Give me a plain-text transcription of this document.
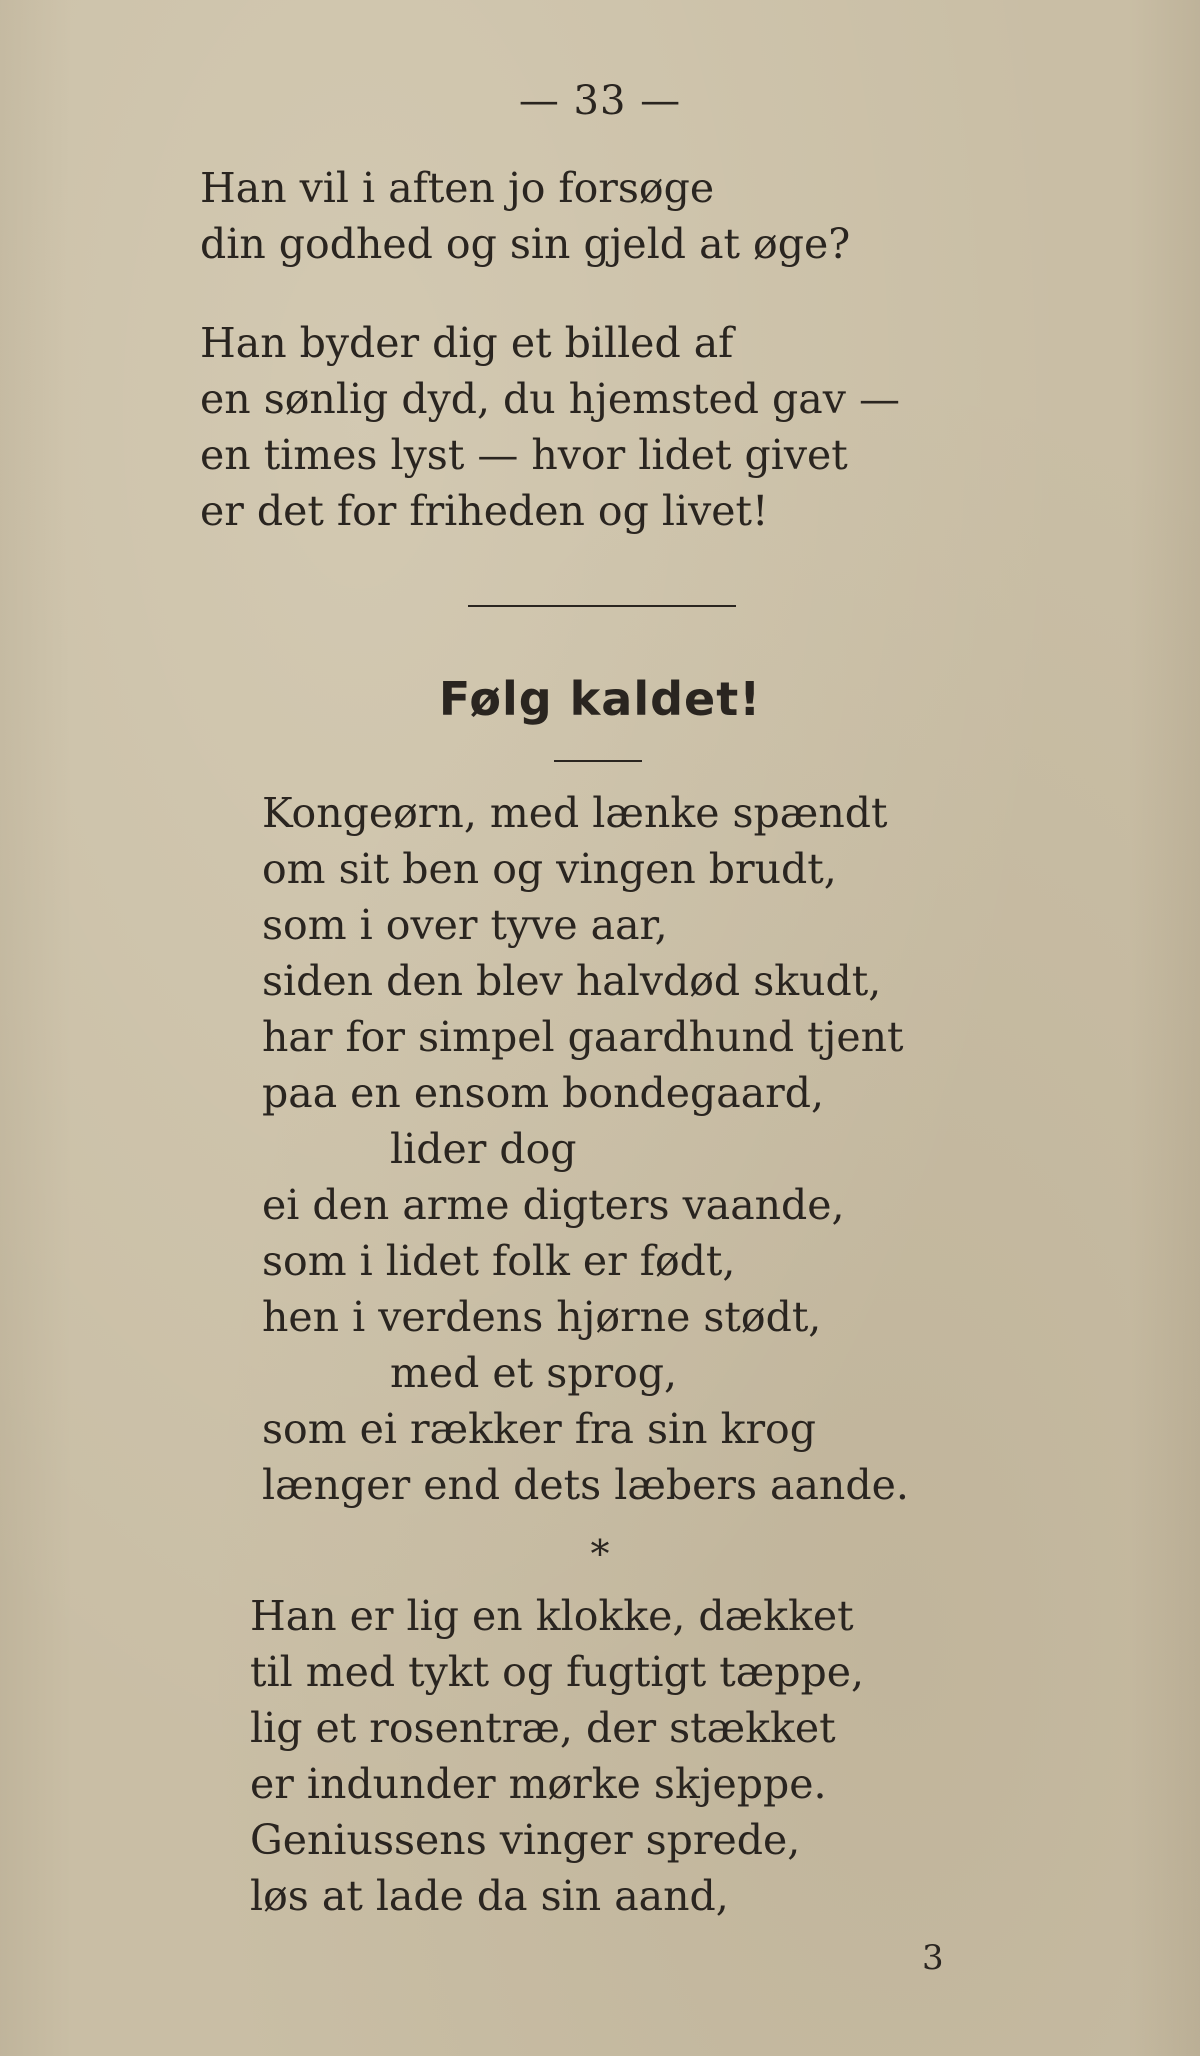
— 33 —
Han vil i aften jo forsøge
din godhed og sin gjeld at øge?
Han byder dig et billed af
en sønlig dyd, du hjemsted gav —
en times lyst — hvor lidet givet
er det for friheden og livet!
Følg kaldet!
Kongeørn, med lænke spændt
om sit ben og vingen brudt,
som i over tyve aar,
siden den blev halvdød skudt,
har for simpel gaardhund tjent
paa en ensom bondegaard,
lider dog
ei den arme digters vaande,
som i lidet folk er født,
hen i verdens hjørne stødt,
med et sprog,
som ei rækker fra sin krog
længer end dets læbers aande.
*
Han er lig en klokke, dækket
til med tykt og fugtigt tæppe,
lig et rosentræ, der stækket
er indunder mørke skjeppe.
Geniussens vinger sprede,
løs at lade da sin aand,
3
